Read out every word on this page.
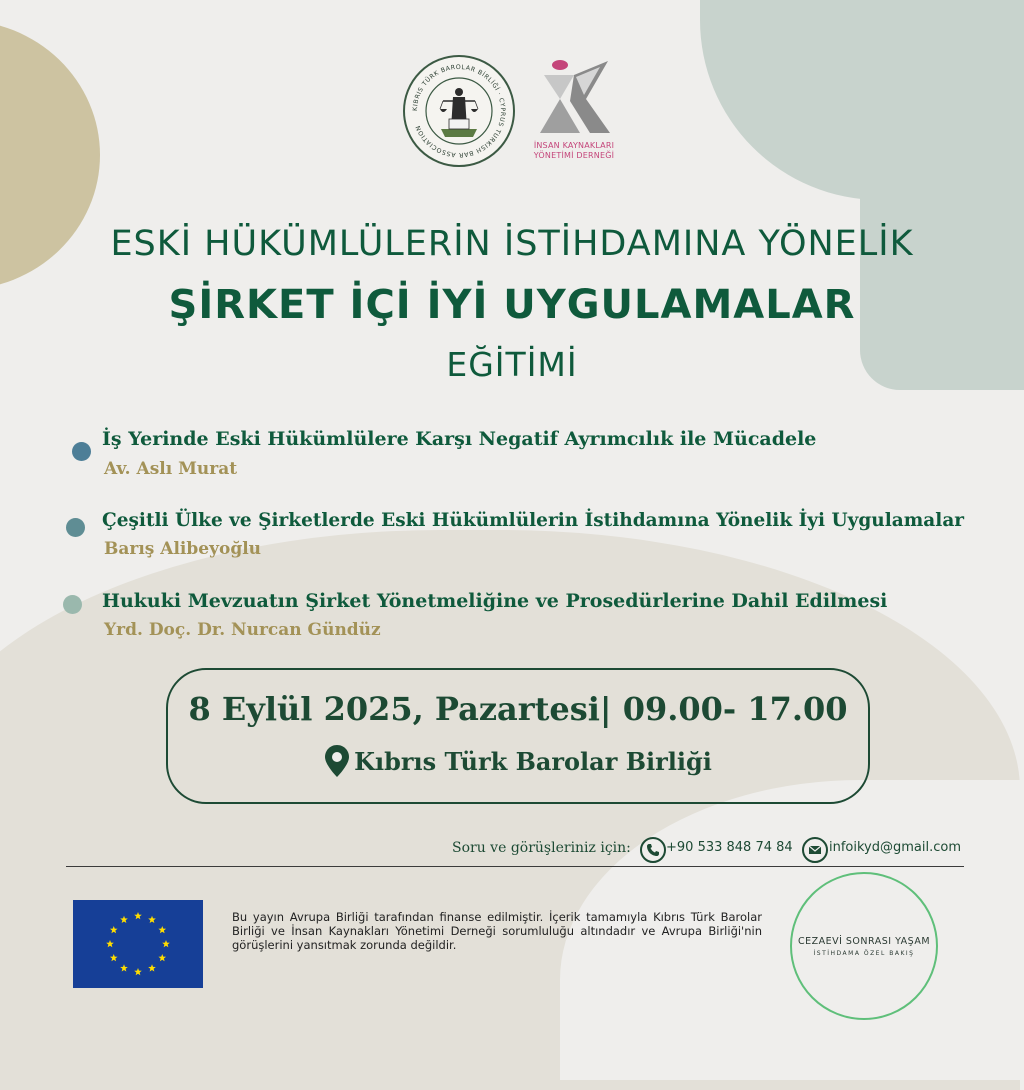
KIBRIS TÜRK BAROLAR BİRLİĞİ · CYPRUS TURKISH BAR ASSOCIATION
İNSAN KAYNAKLARI
YÖNETİMİ DERNEĞİ
ESKİ HÜKÜMLÜLERİN İSTİHDAMINA YÖNELİK
ŞİRKET İÇİ İYİ UYGULAMALAR
EĞİTİMİ
İş Yerinde Eski Hükümlülere Karşı Negatif Ayrımcılık ile Mücadele
Av. Aslı Murat
Çeşitli Ülke ve Şirketlerde Eski Hükümlülerin İstihdamına Yönelik İyi Uygulamalar
Barış Alibeyoğlu
Hukuki Mevzuatın Şirket Yönetmeliğine ve Prosedürlerine Dahil Edilmesi
Yrd. Doç. Dr. Nurcan Gündüz
8 Eylül 2025, Pazartesi| 09.00- 17.00
Kıbrıs Türk Barolar Birliği
Soru ve görüşleriniz için:	+90 533 848 74 84	infoikyd@gmail.com
Bu yayın Avrupa Birliği tarafından finanse edilmiştir. İçerik tamamıyla Kıbrıs Türk Barolar Birliği ve İnsan Kaynakları Yönetimi Derneği sorumluluğu altındadır ve Avrupa Birliği'nin görüşlerini yansıtmak zorunda değildir.	CEZAEVİ SONRASI YAŞAM
İSTİHDAMA ÖZEL BAKIŞ
